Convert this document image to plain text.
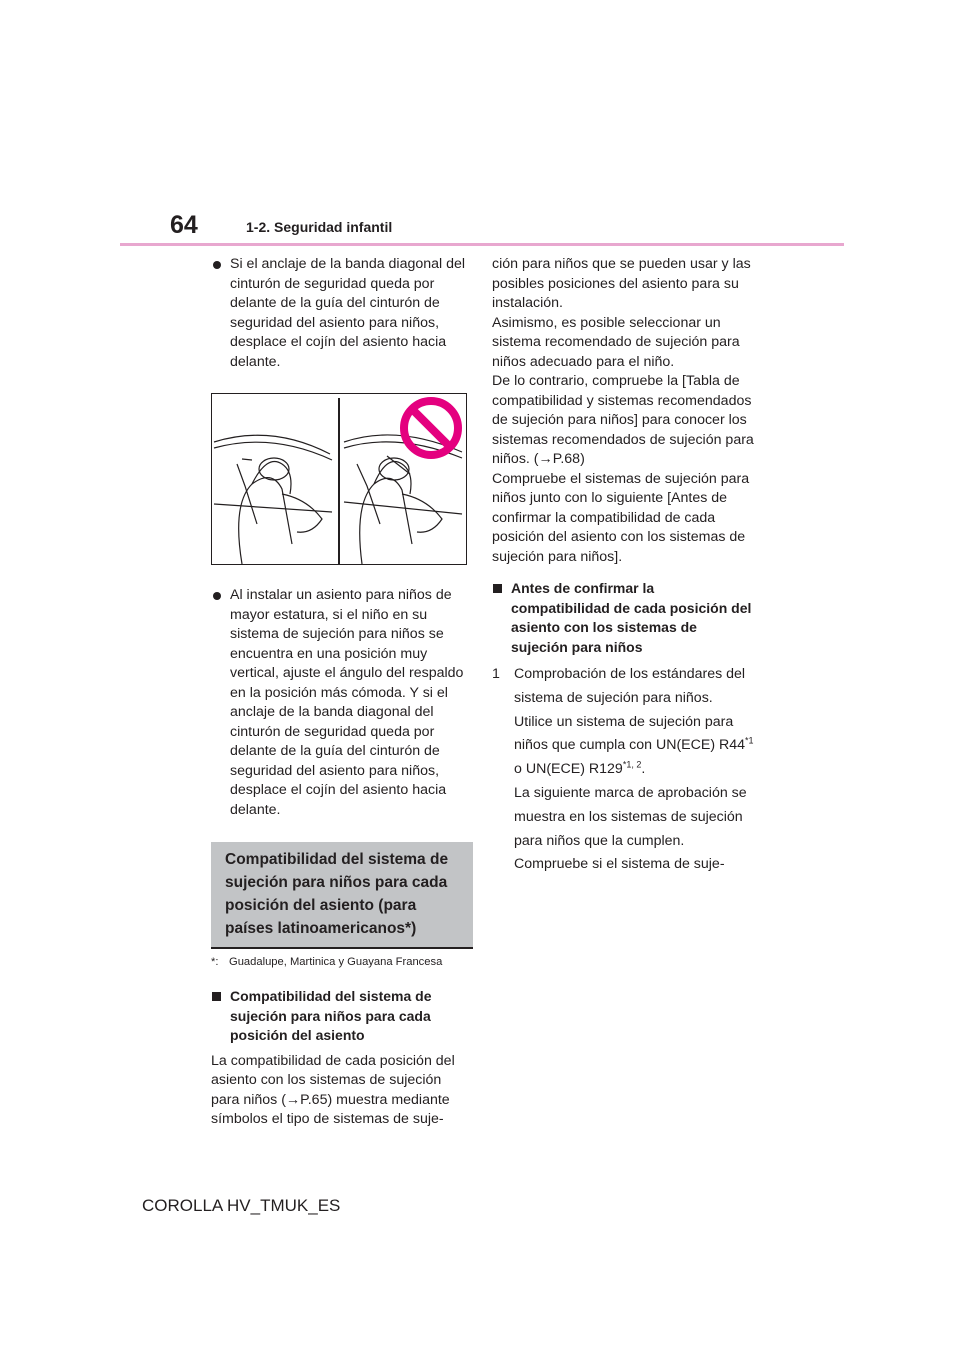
64	1-2. Seguridad infantil
Si el anclaje de la banda diagonal del cinturón de seguridad queda por delante de la guía del cinturón de seguridad del asiento para niños, desplace el cojín del asiento hacia delante.
Al instalar un asiento para niños de mayor estatura, si el niño en su sistema de sujeción para niños se encuentra en una posición muy vertical, ajuste el ángulo del respaldo en la posición más cómoda. Y si el anclaje de la banda diagonal del cinturón de seguridad queda por delante de la guía del cinturón de seguridad del asiento para niños, desplace el cojín del asiento hacia delante.
Compatibilidad del sistema de sujeción para niños para cada posición del asiento (para países latinoamericanos*)
*: Guadalupe, Martinica y Guayana Francesa
Compatibilidad del sistema de sujeción para niños para cada posición del asiento
La compatibilidad de cada posición del asiento con los sistemas de sujeción para niños (→P.65) muestra mediante símbolos el tipo de sistemas de suje-
ción para niños que se pueden usar y las posibles posiciones del asiento para su instalación.
Asimismo, es posible seleccionar un sistema recomendado de sujeción para niños adecuado para el niño.
De lo contrario, compruebe la [Tabla de compatibilidad y sistemas recomendados de sujeción para niños] para conocer los sistemas recomendados de sujeción para niños. (→P.68)
Compruebe el sistemas de sujeción para niños junto con lo siguiente [Antes de confirmar la compatibilidad de cada posición del asiento con los sistemas de sujeción para niños].
Antes de confirmar la compatibilidad de cada posición del asiento con los sistemas de sujeción para niños
1 Comprobación de los estándares del sistema de sujeción para niños.
Utilice un sistema de sujeción para niños que cumpla con UN(ECE) R44$^{*1}$ o UN(ECE) R129$^{*1, 2}$.
La siguiente marca de aprobación se muestra en los sistemas de sujeción para niños que la cumplen. Compruebe si el sistema de suje-
COROLLA HV_TMUK_ES
